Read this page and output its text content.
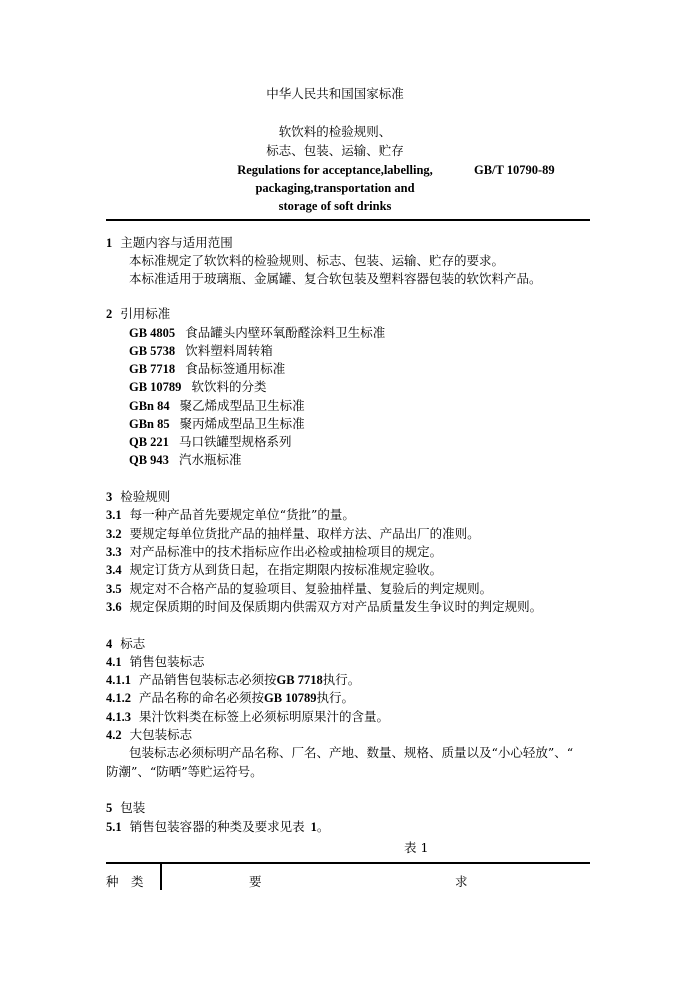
中华人民共和国国家标准
软饮料的检验规则、
标志、包装、运输、贮存
Regulations for acceptance,labelling,
packaging,transportation and
storage of soft drinks
GB/T 10790-89
1 主题内容与适用范围
本标准规定了软饮料的检验规则、标志、包装、运输、贮存的要求。
本标准适用于玻璃瓶、金属罐、复合软包装及塑料容器包装的软饮料产品。
2 引用标准
GB 4805 食品罐头内壁环氧酚醛涂料卫生标准
GB 5738 饮料塑料周转箱
GB 7718 食品标签通用标准
GB 10789 软饮料的分类
GBn 84 聚乙烯成型品卫生标准
GBn 85 聚丙烯成型品卫生标准
QB 221 马口铁罐型规格系列
QB 943 汽水瓶标准
3 检验规则
3.1 每一种产品首先要规定单位“货批”的量。
3.2 要规定每单位货批产品的抽样量、取样方法、产品出厂的准则。
3.3 对产品标准中的技术指标应作出必检或抽检项目的规定。
3.4 规定订货方从到货日起，在指定期限内按标准规定验收。
3.5 规定对不合格产品的复验项目、复验抽样量、复验后的判定规则。
3.6 规定保质期的时间及保质期内供需双方对产品质量发生争议时的判定规则。
4 标志
4.1 销售包装标志
4.1.1 产品销售包装标志必须按GB 7718执行。
4.1.2 产品名称的命名必须按GB 10789执行。
4.1.3 果汁饮料类在标签上必须标明原果汁的含量。
4.2 大包装标志
包装标志必须标明产品名称、厂名、产地、数量、规格、质量以及“小心轻放”、“
防潮”、“防晒”等贮运符号。
5 包装
5.1 销售包装容器的种类及要求见表 1。
表 1
种　类	要	求
